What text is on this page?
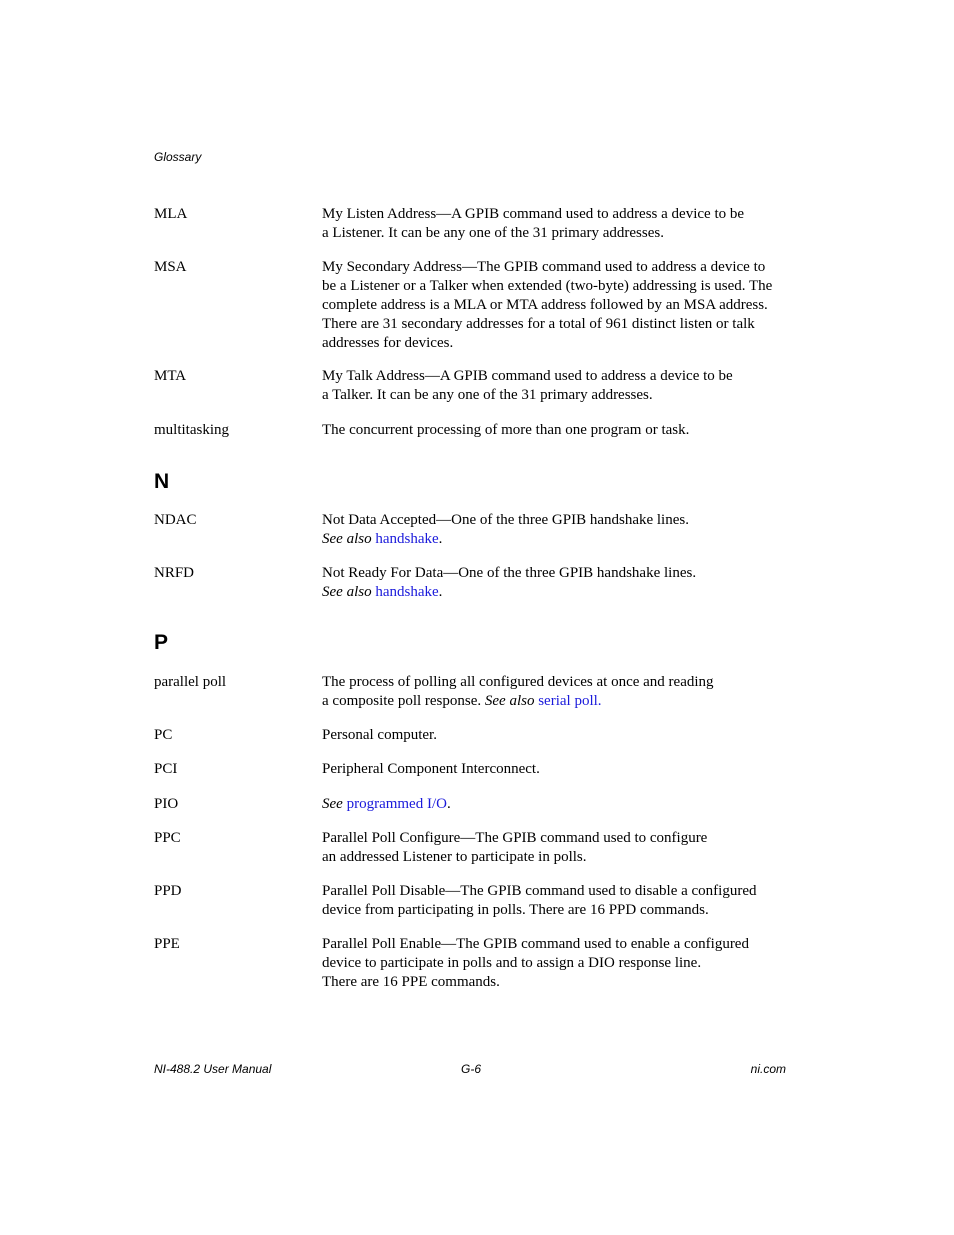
Glossary
MLA	My Listen Address—A GPIB command used to address a device to be
a Listener. It can be any one of the 31 primary addresses.
MSA	My Secondary Address—The GPIB command used to address a device to
be a Listener or a Talker when extended (two-byte) addressing is used. The
complete address is a MLA or MTA address followed by an MSA address.
There are 31 secondary addresses for a total of 961 distinct listen or talk
addresses for devices.
MTA	My Talk Address—A GPIB command used to address a device to be
a Talker. It can be any one of the 31 primary addresses.
multitasking	The concurrent processing of more than one program or task.
N
NDAC	Not Data Accepted—One of the three GPIB handshake lines.
See also handshake.
NRFD	Not Ready For Data—One of the three GPIB handshake lines.
See also handshake.
P
parallel poll	The process of polling all configured devices at once and reading
a composite poll response. See also serial poll.
PC	Personal computer.
PCI	Peripheral Component Interconnect.
PIO	See programmed I/O.
PPC	Parallel Poll Configure—The GPIB command used to configure
an addressed Listener to participate in polls.
PPD	Parallel Poll Disable—The GPIB command used to disable a configured
device from participating in polls. There are 16 PPD commands.
PPE	Parallel Poll Enable—The GPIB command used to enable a configured
device to participate in polls and to assign a DIO response line.
There are 16 PPE commands.
NI-488.2 User Manual	G-6	ni.com
